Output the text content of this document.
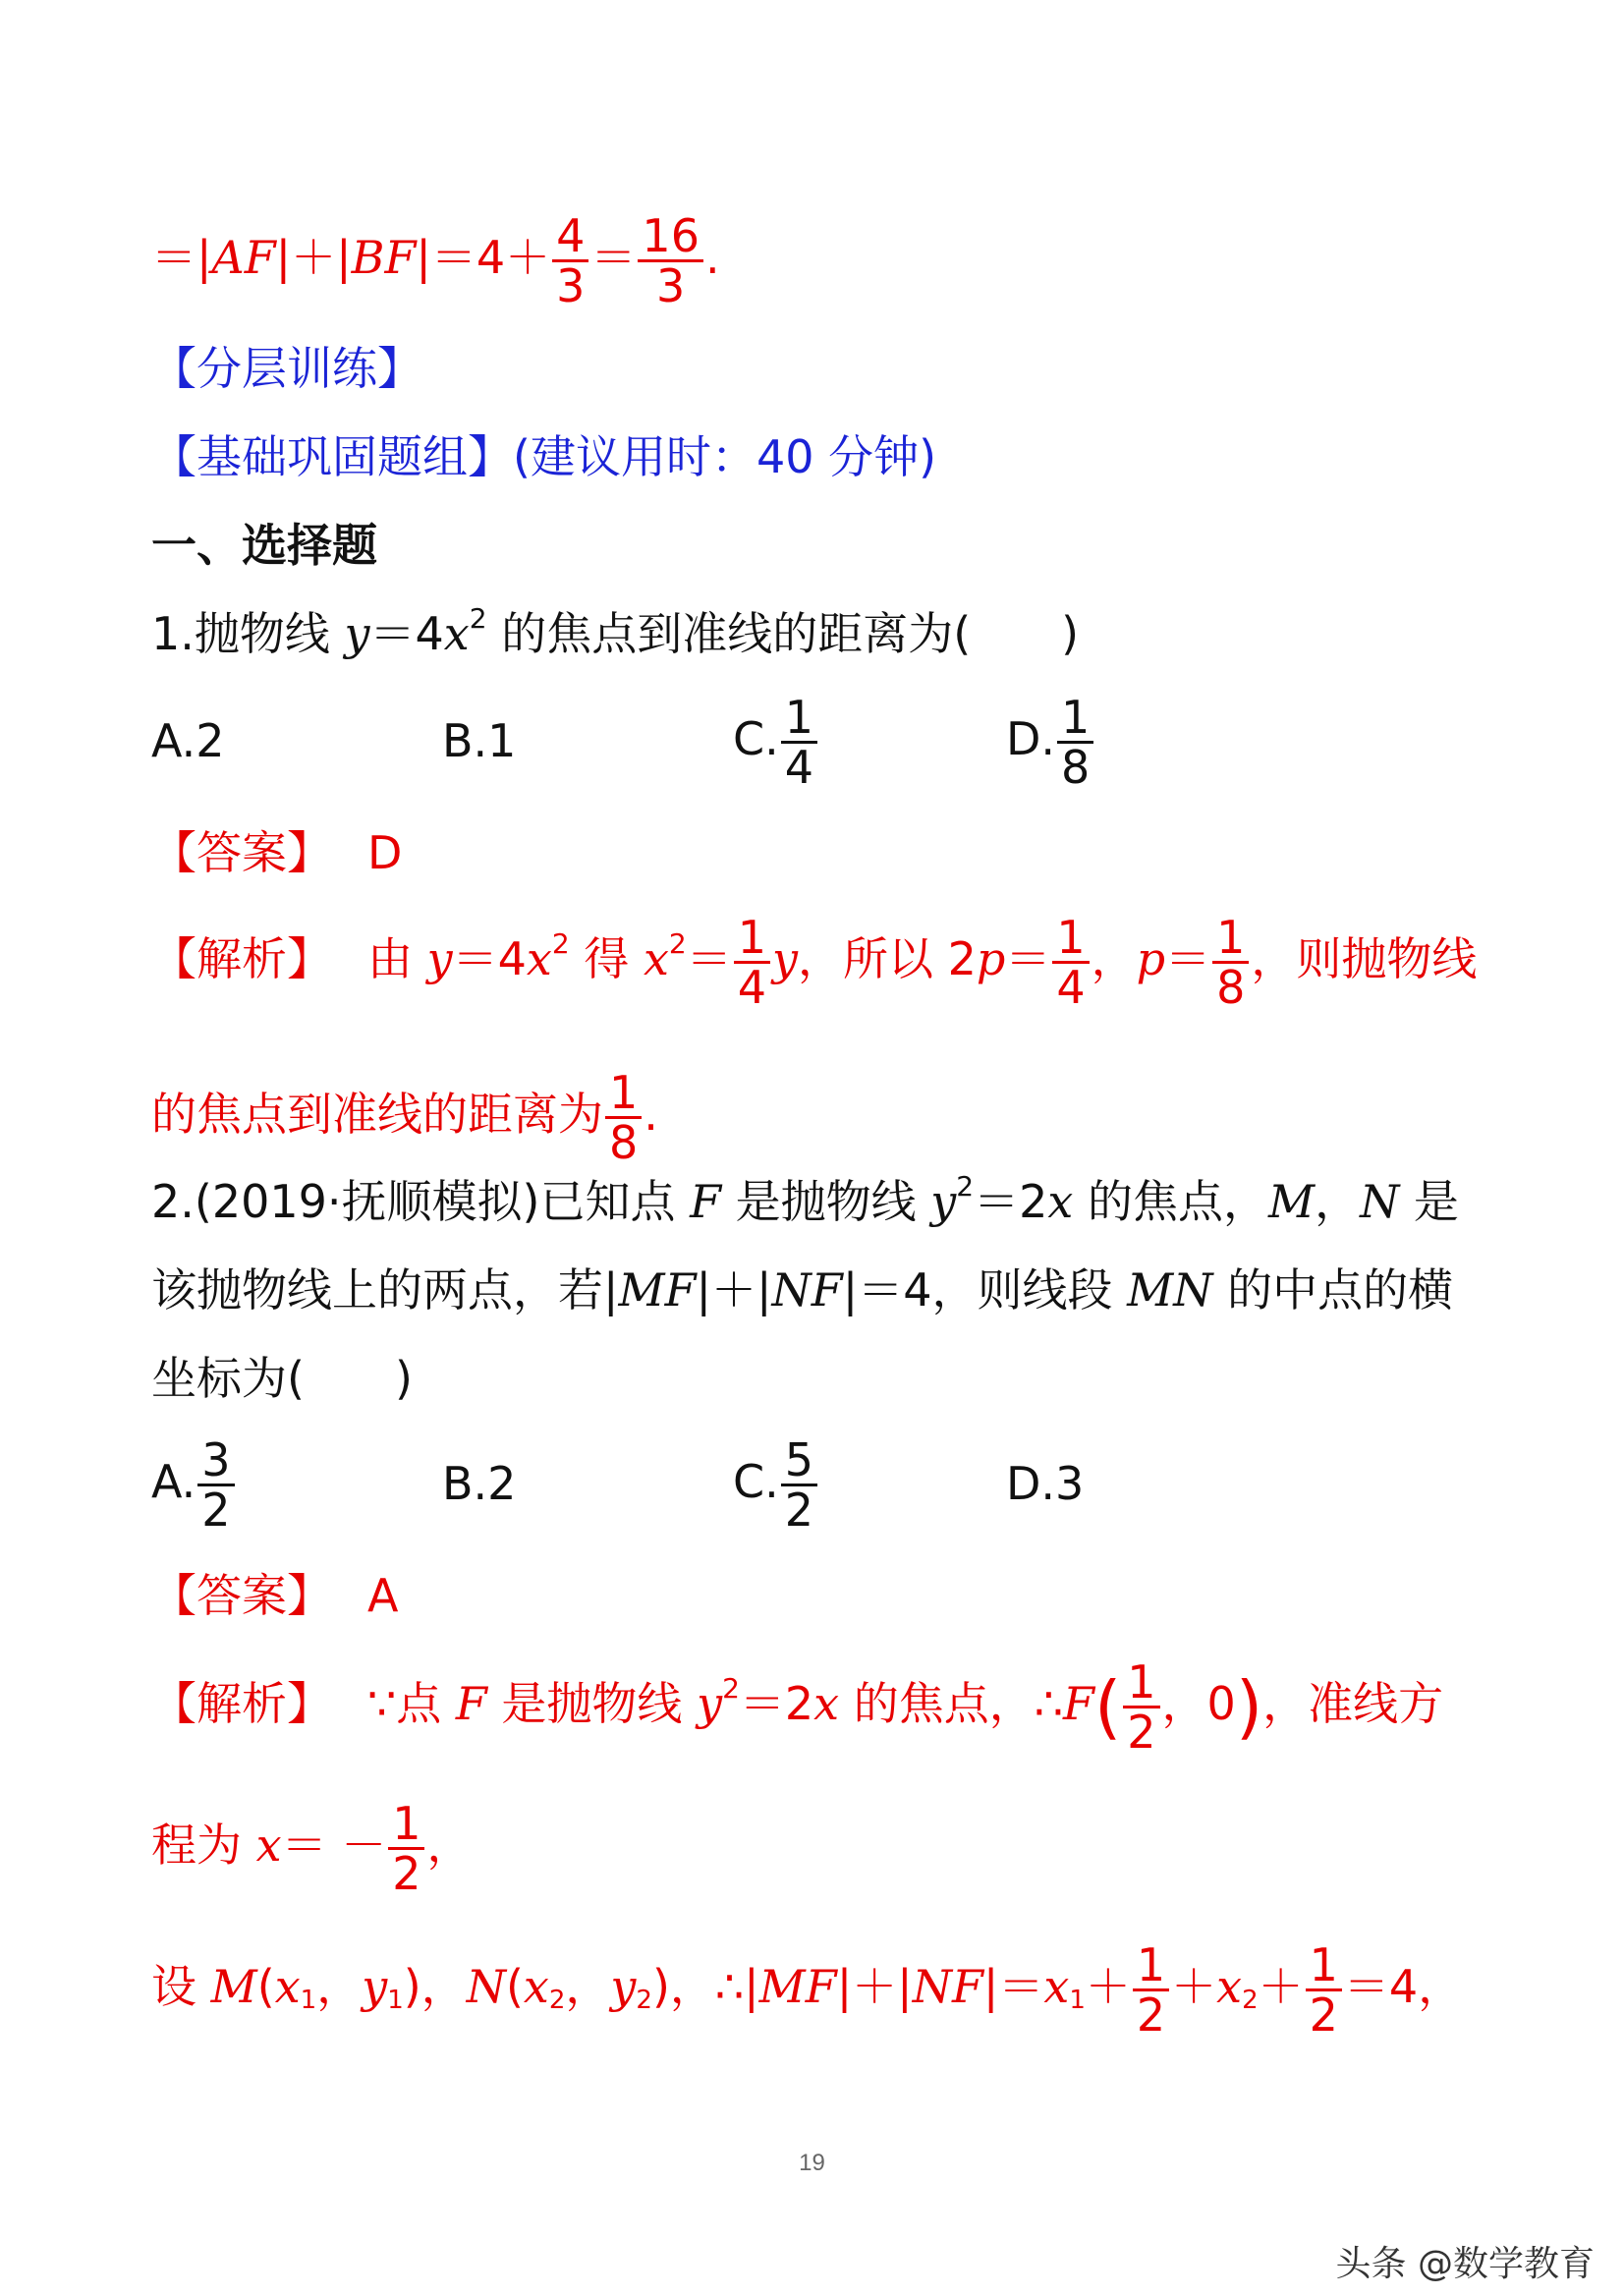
$=|AF|+|BF|=4+ \frac{4}{3} = \frac{16}{3}$ .
【分层训练】
【基础巩固题组】(建议用时：40 分钟)
一、选择题
1.抛物线 $y=4x^2$ 的焦点到准线的距离为(　　)
A.2	B.1	C. $\frac{1}{4}$	D. $\frac{1}{8}$
【答案】 D
【解析】 由 $y=4x^2$ 得 $x^2= \frac{1}{4}$ y，所以 $2p= \frac{1}{4}$ ，$p= \frac{1}{8}$ ，则抛物线
的焦点到准线的距离为 $\frac{1}{8}$ .
2.(2019·抚顺模拟)已知点 F 是抛物线 $y^2=2x$ 的焦点，M，N 是
该抛物线上的两点，若|MF|＋|NF|＝4，则线段 MN 的中点的横
坐标为(　　)
A. $\frac{3}{2}$	B.2	C. $\frac{5}{2}$	D.3
【答案】 A
【解析】 ∵点 F 是抛物线 $y^2=2x$ 的焦点，∴F( $\frac{1}{2}$ ，0)，准线方
程为 $x= - \frac{1}{2}$ ，
设 $M(x_1$，$y_1$)，$N(x_2$，$y_2$)，$\therefore|MF|+|NF|=x_1+ \frac{1}{2} +x_2+ \frac{1}{2} =4$，
19
头条 @数学教育
